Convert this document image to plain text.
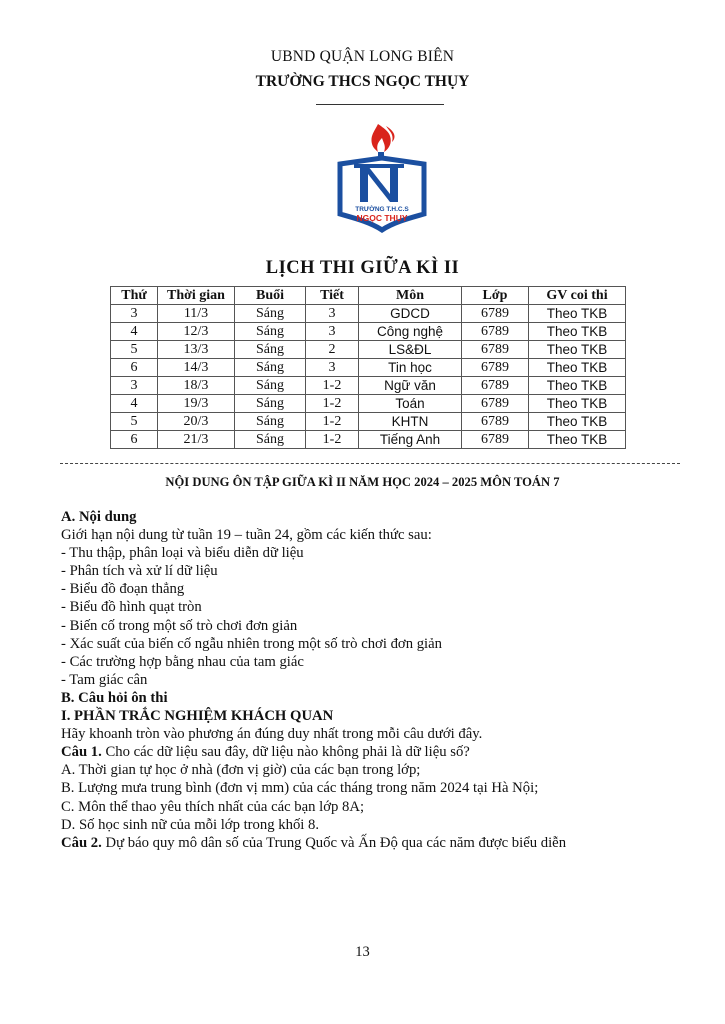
UBND QUẬN LONG BIÊN
TRƯỜNG THCS NGỌC THỤY
TRƯỜNG T.H.C.S
NGỌC THỤY
LỊCH THI GIỮA KÌ II
Thứ	Thời gian	Buổi	Tiết	Môn	Lớp	GV coi thi
3	11/3	Sáng	3	GDCD	6789	Theo TKB
4	12/3	Sáng	3	Công nghệ	6789	Theo TKB
5	13/3	Sáng	2	LS&ĐL	6789	Theo TKB
6	14/3	Sáng	3	Tin học	6789	Theo TKB
3	18/3	Sáng	1-2	Ngữ văn	6789	Theo TKB
4	19/3	Sáng	1-2	Toán	6789	Theo TKB
5	20/3	Sáng	1-2	KHTN	6789	Theo TKB
6	21/3	Sáng	1-2	Tiếng Anh	6789	Theo TKB
NỘI DUNG ÔN TẬP GIỮA KÌ II NĂM HỌC 2024 – 2025 MÔN TOÁN 7

A. Nội dung

Giới hạn nội dung từ tuần 19 – tuần 24, gồm các kiến thức sau:

- Thu thập, phân loại và biểu diễn dữ liệu

- Phân tích và xử lí dữ liệu

- Biểu đồ đoạn thẳng

- Biểu đồ hình quạt tròn

- Biến cố trong một số trò chơi đơn giản

- Xác suất của biến cố ngẫu nhiên trong một số trò chơi đơn giản

- Các trường hợp bằng nhau của tam giác

- Tam giác cân

B. Câu hỏi ôn thi

I. PHẦN TRẮC NGHIỆM KHÁCH QUAN

Hãy khoanh tròn vào phương án đúng duy nhất trong mỗi câu dưới đây.

Câu 1. Cho các dữ liệu sau đây, dữ liệu nào không phải là dữ liệu số?

A. Thời gian tự học ở nhà (đơn vị giờ) của các bạn trong lớp;

B. Lượng mưa trung bình (đơn vị mm) của các tháng trong năm 2024 tại Hà Nội;

C. Môn thể thao yêu thích nhất của các bạn lớp 8A;

D. Số học sinh nữ của mỗi lớp trong khối 8.

Câu 2. Dự báo quy mô dân số của Trung Quốc và Ấn Độ qua các năm được biểu diễn

13
